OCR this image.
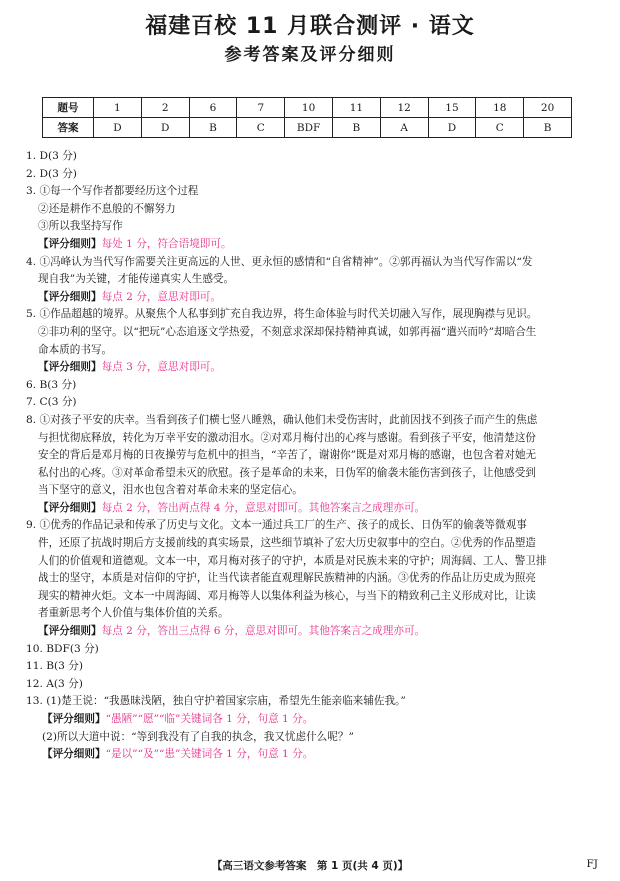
福建百校 11 月联合测评 · 语文
参考答案及评分细则
题号	1	2	6	7	10	11	12	15	18	20
答案	D	D	B	C	BDF	B	A	D	C	B
1. D(3 分)
2. D(3 分)
3. ①每一个写作者都要经历这个过程
②还是耕作不息般的不懈努力
③所以我坚持写作
【评分细则】每处 1 分，符合语境即可。
4. ①冯峰认为当代写作需要关注更高远的人世、更永恒的感情和“自省精神”。②郭再福认为当代写作需以“发
现自我”为关键，才能传递真实人生感受。
【评分细则】每点 2 分，意思对即可。
5. ①作品超越的境界。从聚焦个人私事到扩充自我边界，将生命体验与时代关切融入写作，展现胸襟与见识。
②非功利的坚守。以“把玩”心态追逐文学热爱，不刻意求深却保持精神真诚，如郭再福“遣兴而吟”却暗合生
命本质的书写。
【评分细则】每点 3 分，意思对即可。
6. B(3 分)
7. C(3 分)
8. ①对孩子平安的庆幸。当看到孩子们横七竖八睡熟，确认他们未受伤害时，此前因找不到孩子而产生的焦虑
与担忧彻底释放，转化为万幸平安的激动泪水。②对邓月梅付出的心疼与感谢。看到孩子平安，他清楚这份
安全的背后是邓月梅的日夜操劳与危机中的担当，“辛苦了，谢谢你”既是对邓月梅的感谢，也包含着对她无
私付出的心疼。③对革命希望未灭的欣慰。孩子是革命的未来，日伪军的偷袭未能伤害到孩子，让他感受到
当下坚守的意义，泪水也包含着对革命未来的坚定信心。
【评分细则】每点 2 分，答出两点得 4 分，意思对即可。其他答案言之成理亦可。
9. ①优秀的作品记录和传承了历史与文化。文本一通过兵工厂的生产、孩子的成长、日伪军的偷袭等微观事
件，还原了抗战时期后方支援前线的真实场景，这些细节填补了宏大历史叙事中的空白。②优秀的作品塑造
人们的价值观和道德观。文本一中，邓月梅对孩子的守护，本质是对民族未来的守护；周海阔、工人、警卫排
战士的坚守，本质是对信仰的守护，让当代读者能直观理解民族精神的内涵。③优秀的作品让历史成为照亮
现实的精神火炬。文本一中周海阔、邓月梅等人以集体利益为核心，与当下的精致利己主义形成对比，让读
者重新思考个人价值与集体价值的关系。
【评分细则】每点 2 分，答出三点得 6 分，意思对即可。其他答案言之成理亦可。
10. BDF(3 分)
11. B(3 分)
12. A(3 分)
13. (1)楚王说：“我愚昧浅陋，独自守护着国家宗庙，希望先生能亲临来辅佐我。”
【评分细则】“愚陋”“愿”“临”关键词各 1 分，句意 1 分。
(2)所以大道中说：“等到我没有了自我的执念，我又忧虑什么呢？”
【评分细则】“是以”“及”“患”关键词各 1 分，句意 1 分。
【高三语文参考答案　第 1 页(共 4 页)】	FJ
